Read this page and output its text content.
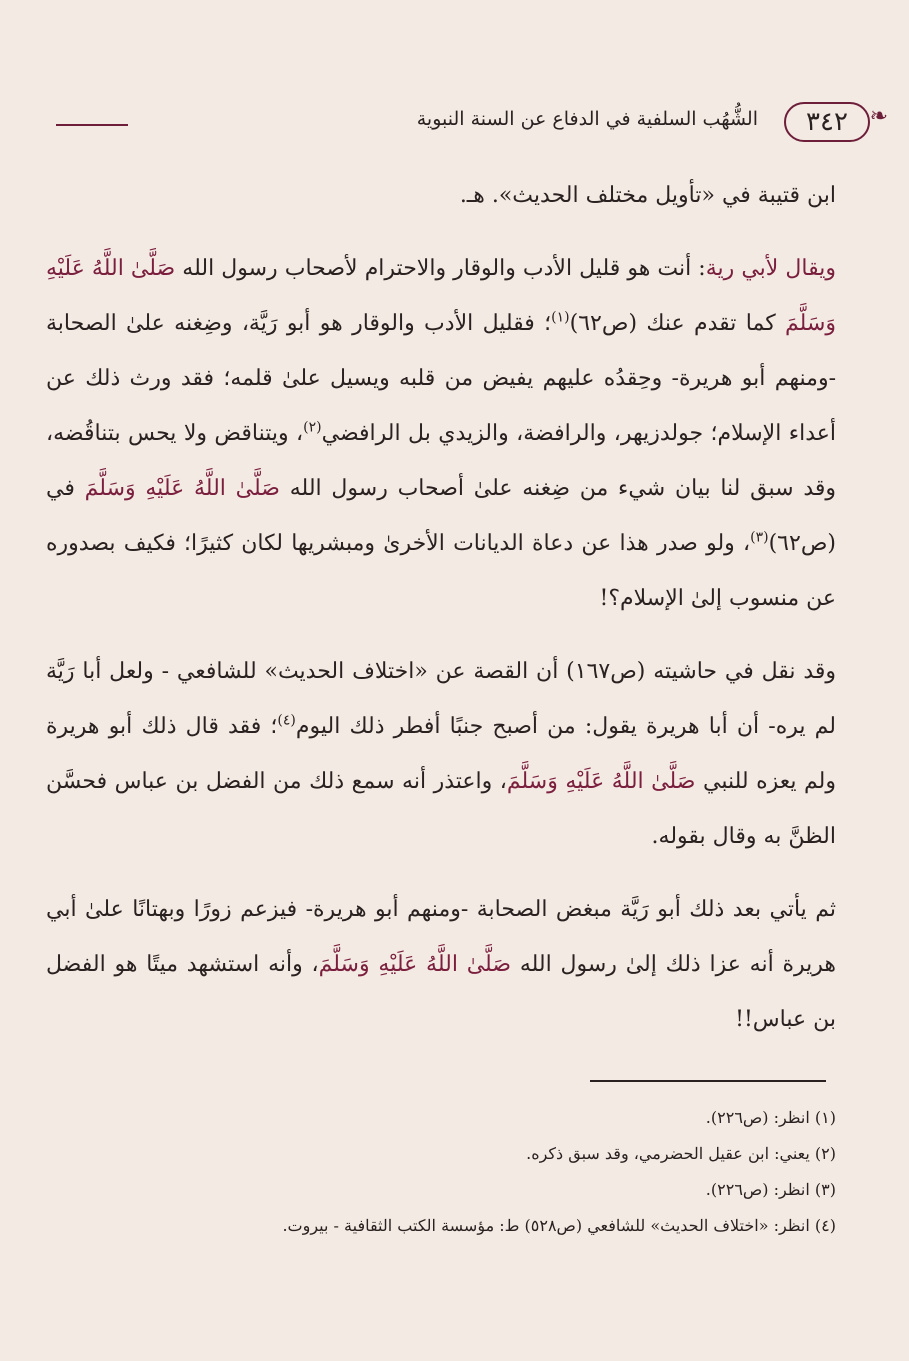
❧
٣٤٢
الشُّهُب السلفية في الدفاع عن السنة النبوية

ابن قتيبة في «تأويل مختلف الحديث». هـ.

ويقال لأبي رية: أنت هو قليل الأدب والوقار والاحترام لأصحاب رسول الله صَلَّىٰ اللَّهُ عَلَيْهِ وَسَلَّمَ كما تقدم عنك (ص٦٢)$^{(١)}$؛ فقليل الأدب والوقار هو أبو رَيَّة، وضِغنه علىٰ الصحابة -ومنهم أبو هريرة- وحِقدُه عليهم يفيض من قلبه ويسيل علىٰ قلمه؛ فقد ورث ذلك عن أعداء الإسلام؛ جولدزيهر، والرافضة، والزيدي بل الرافضي$^{(٢)}$، ويتناقض ولا يحس بتناقُضه، وقد سبق لنا بيان شيء من ضِغنه علىٰ أصحاب رسول الله صَلَّىٰ اللَّهُ عَلَيْهِ وَسَلَّمَ في (ص٦٢)$^{(٣)}$، ولو صدر هذا عن دعاة الديانات الأخرىٰ ومبشريها لكان كثيرًا؛ فكيف بصدوره عن منسوب إلىٰ الإسلام؟!

وقد نقل في حاشيته (ص١٦٧) أن القصة عن «اختلاف الحديث» للشافعي - ولعل أبا رَيَّة لم يره- أن أبا هريرة يقول: من أصبح جنبًا أفطر ذلك اليوم$^{(٤)}$؛ فقد قال ذلك أبو هريرة ولم يعزه للنبي صَلَّىٰ اللَّهُ عَلَيْهِ وَسَلَّمَ، واعتذر أنه سمع ذلك من الفضل بن عباس فحسَّن الظنَّ به وقال بقوله.

ثم يأتي بعد ذلك أبو رَيَّة مبغض الصحابة -ومنهم أبو هريرة- فيزعم زورًا وبهتانًا علىٰ أبي هريرة أنه عزا ذلك إلىٰ رسول الله صَلَّىٰ اللَّهُ عَلَيْهِ وَسَلَّمَ، وأنه استشهد ميتًا هو الفضل بن عباس!!

(١) انظر: (ص٢٢٦).

(٢) يعني: ابن عقيل الحضرمي، وقد سبق ذكره.

(٣) انظر: (ص٢٢٦).

(٤) انظر: «اختلاف الحديث» للشافعي (ص٥٢٨) ط: مؤسسة الكتب الثقافية - بيروت.
